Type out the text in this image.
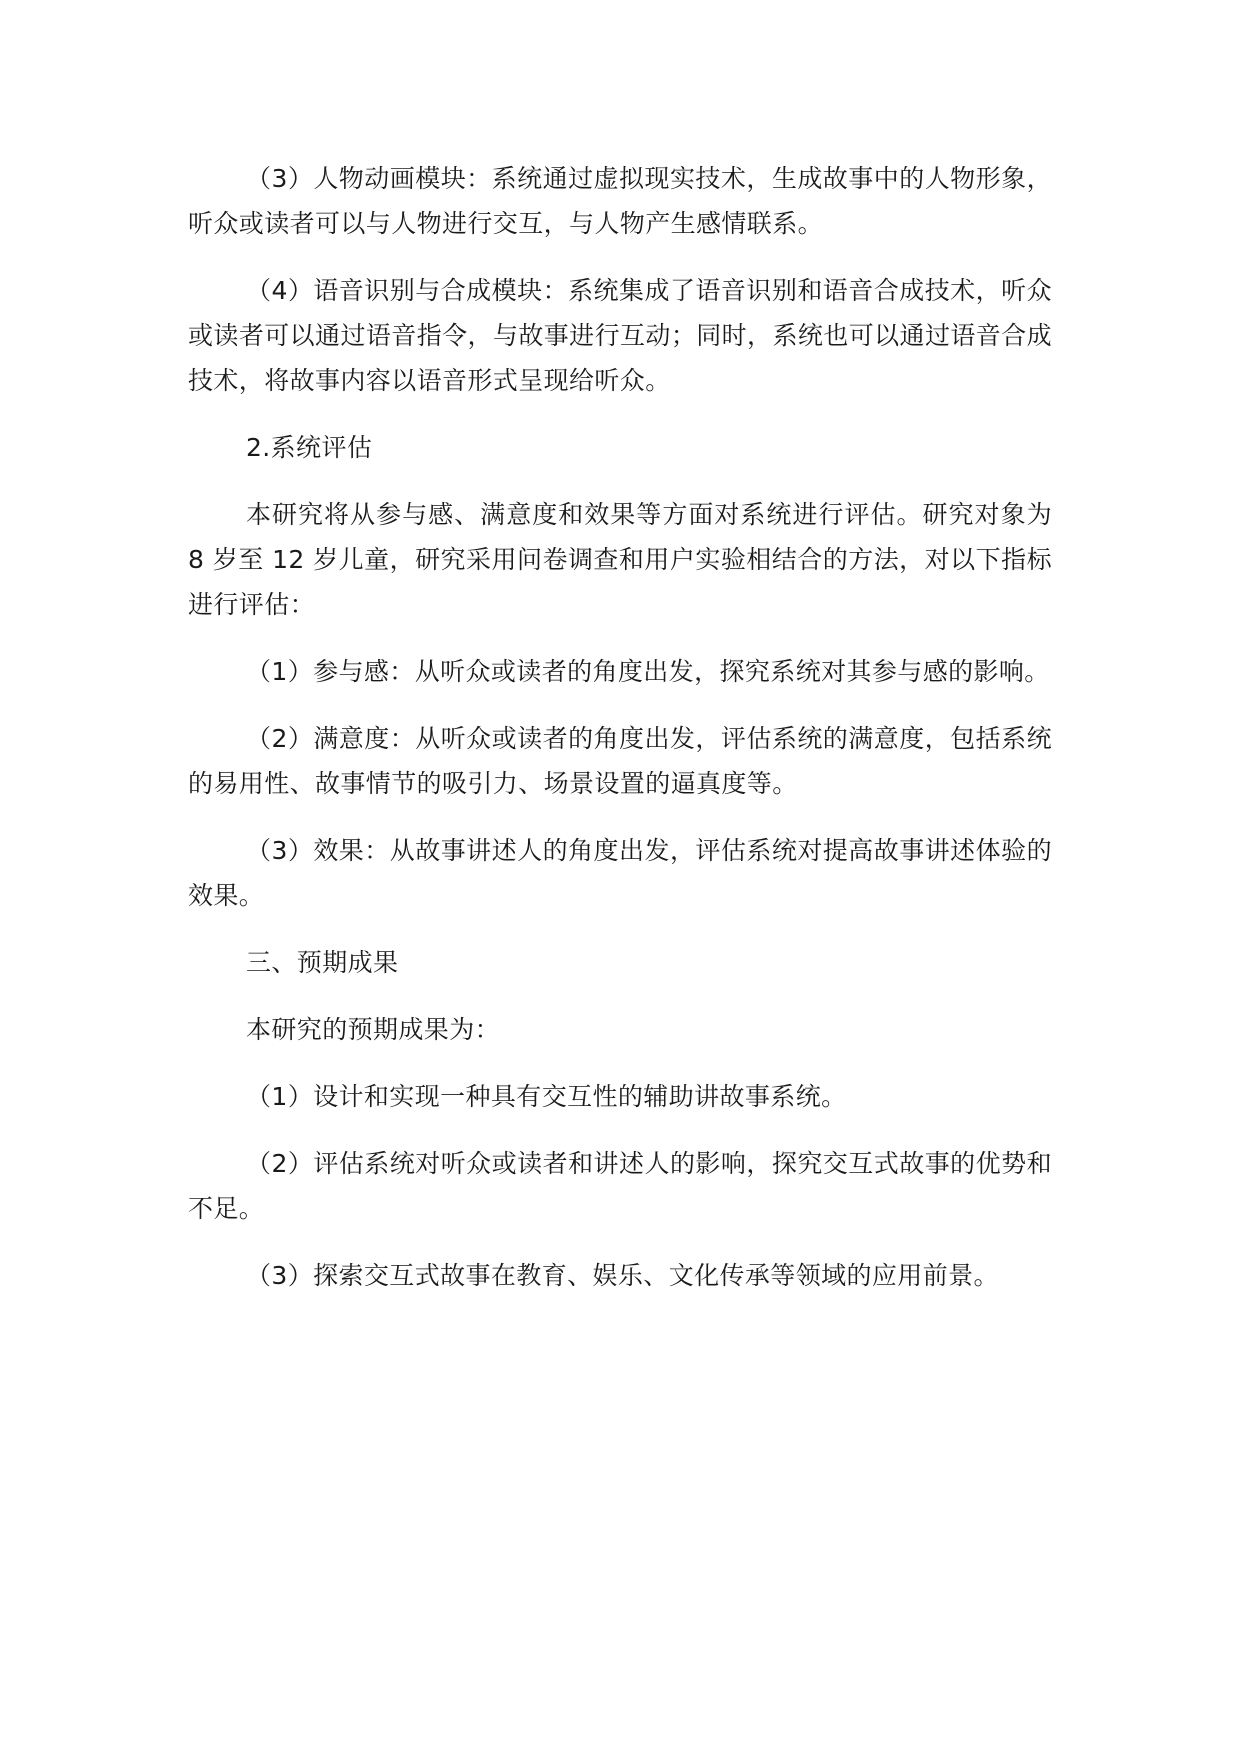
（3）人物动画模块：系统通过虚拟现实技术，生成故事中的人物形象，听众或读者可以与人物进行交互，与人物产生感情联系。

（4）语音识别与合成模块：系统集成了语音识别和语音合成技术，听众或读者可以通过语音指令，与故事进行互动；同时，系统也可以通过语音合成技术，将故事内容以语音形式呈现给听众。

2.系统评估

本研究将从参与感、满意度和效果等方面对系统进行评估。研究对象为 8 岁至 12 岁儿童，研究采用问卷调查和用户实验相结合的方法，对以下指标进行评估：

（1）参与感：从听众或读者的角度出发，探究系统对其参与感的影响。

（2）满意度：从听众或读者的角度出发，评估系统的满意度，包括系统的易用性、故事情节的吸引力、场景设置的逼真度等。

（3）效果：从故事讲述人的角度出发，评估系统对提高故事讲述体验的效果。

三、预期成果

本研究的预期成果为：

（1）设计和实现一种具有交互性的辅助讲故事系统。

（2）评估系统对听众或读者和讲述人的影响，探究交互式故事的优势和不足。

（3）探索交互式故事在教育、娱乐、文化传承等领域的应用前景。
